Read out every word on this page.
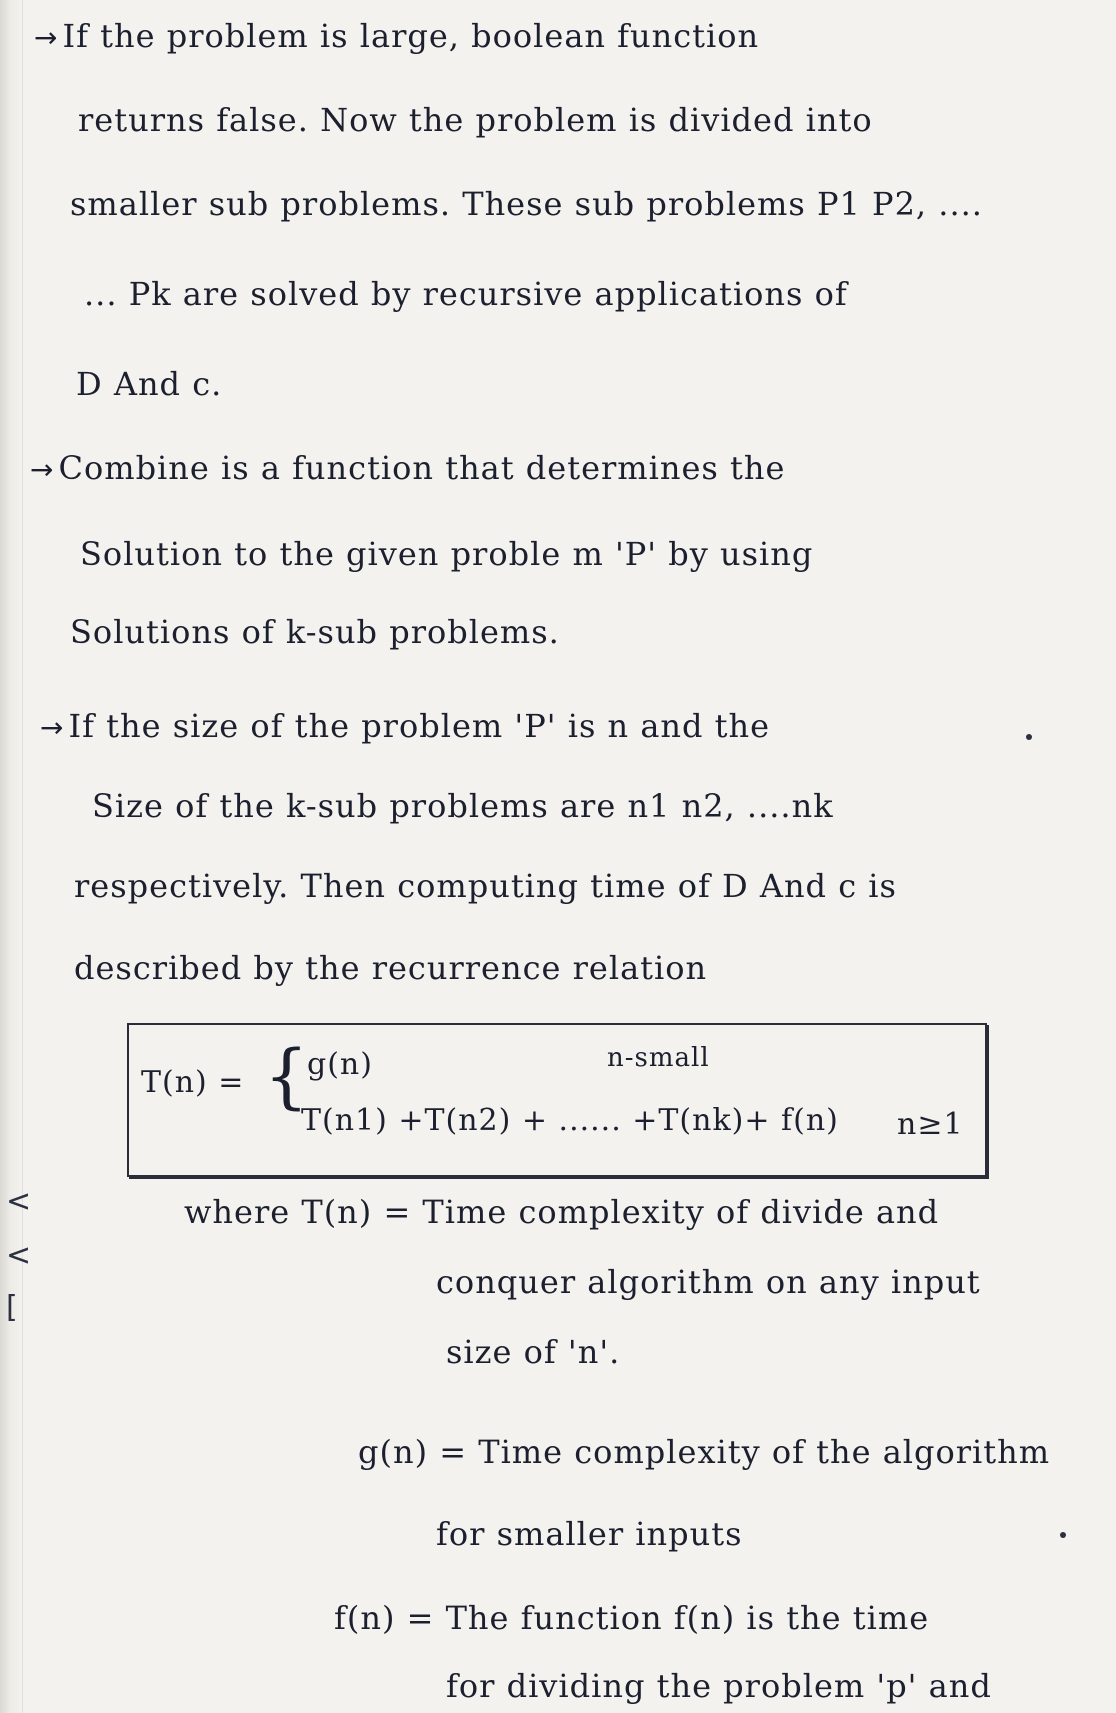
<
<
[
→ If the problem is large, boolean function
returns false. Now the problem is divided into
smaller sub problems. These sub problems P1 P2, ....
... Pk are solved by recursive applications of
D And c.
→ Combine is a function that determines the
Solution to the given proble m 'P' by using
Solutions of k-sub problems.
→ If the size of the problem 'P' is n and the
Size of the k-sub problems are n1 n2, ....nk
respectively. Then computing time of D And c is
described by the recurrence relation
T(n) = {
g(n)	n-small
T(n1) +T(n2) + ...... +T(nk)+ f(n) n≥1
where T(n) = Time complexity of divide and
conquer algorithm on any input
size of 'n'.
g(n) = Time complexity of the algorithm
for smaller inputs
f(n) = The function f(n) is the time
for dividing the problem 'p' and
